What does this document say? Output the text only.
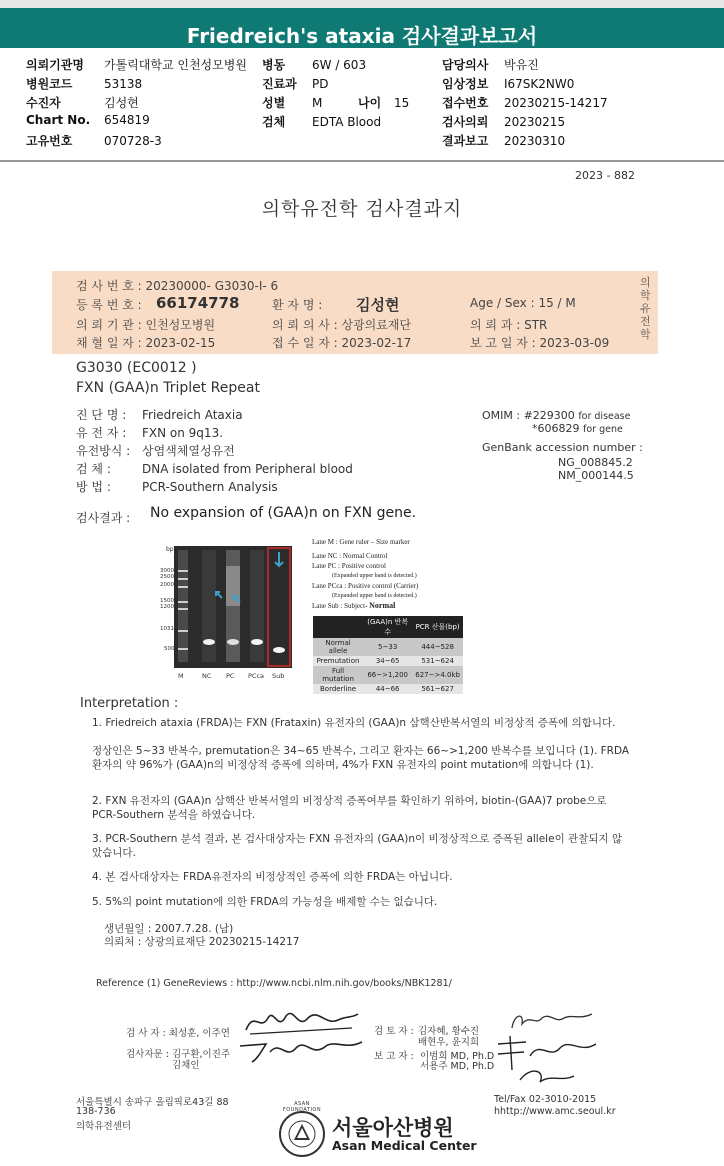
Friedreich's ataxia 검사결과보고서
의뢰기관명 가톨릭대학교 인천성모병원
병원코드	53138
수진자	김성현
Chart No. 654819
고유번호	070728-3
병동 6W / 603
진료과 PD
성별 M	나이 15
검체 EDTA Blood
담당의사 박유진
임상정보 I67SK2NW0
접수번호 20230215-14217
검사의뢰 20230215
결과보고 20230310
2023 - 882
의학유전학 검사결과지
검 사 번 호 : 20230000- G3030-I- 6
등 록 번 호 : 66174778	환 자 명 : 김성현	Age / Sex : 15 / M
의 뢰 기 관 : 인천성모병원	의 뢰 의 사 : 상광의료재단	의 뢰 과 : STR
채 혈 일 자 : 2023-02-15	접 수 일 자 : 2023-02-17	보 고 일 자 : 2023-03-09
의학유전학
G3030 (EC0012 )
FXN (GAA)n Triplet Repeat
진 단 명 : Friedreich Ataxia
유 전 자 : FXN on 9q13.
유전방식 : 상염색체열성유전
검 체 :	DNA isolated from Peripheral blood
방 법 :	PCR-Southern Analysis
OMIM : #229300 for disease
*606829 for gene
GenBank accession number :
NG_008845.2
NM_000144.5
검사결과 : No expansion of (GAA)n on FXN gene.
bp
3000
2500
2000
1500
1200
1031
500
M	NC PC PCca Sub
Lane M : Gene ruler – Size marker
Lane NC : Normal Control
Lane PC : Positive control
(Expanded upper band is detected.)
Lane PCca : Positive control (Carrier)
(Expanded upper band is detected.)
Lane Sub : Subject- Normal
	(GAA)n 반복수	PCR 산물(bp)
Normal allele	5~33	444~528
Premutation	34~65	531~624
Full mutation	66~>1,200	627~>4.0kb
Borderline	44~66	561~627
Interpretation :
1. Friedreich ataxia (FRDA)는 FXN (Frataxin) 유전자의 (GAA)n 삼핵산반복서열의 비정상적 증폭에 의합니다.
정상인은 5~33 반복수, premutation은 34~65 반복수, 그리고 환자는 66~>1,200 반복수를 보입니다 (1). FRDA 환자의 약 96%가 (GAA)n의 비정상적 증폭에 의하며, 4%가 FXN 유전자의 point mutation에 의합니다 (1).
2. FXN 유전자의 (GAA)n 삼핵산 반복서열의 비정상적 증폭여부를 확인하기 위하여, biotin-(GAA)7 probe으로 PCR-Southern 분석을 하였습니다.
3. PCR-Southern 분석 결과, 본 검사대상자는 FXN 유전자의 (GAA)n이 비정상적으로 증폭된 allele이 관찰되지 않았습니다.
4. 본 검사대상자는 FRDA유전자의 비정상적인 증폭에 의한 FRDA는 아닙니다.
5. 5%의 point mutation에 의한 FRDA의 가능성을 배제할 수는 없습니다.
생년월일 : 2007.7.28. (남)
의뢰처 : 상광의료재단 20230215-14217
Reference (1) GeneReviews : http://www.ncbi.nlm.nih.gov/books/NBK1281/
검 사 자 : 최성훈, 이주연
검사자문 : 김구환,이진주
김채인
검 토 자 : 김자혜, 황수진
배현우, 윤지희
보 고 자 : 이범희 MD, Ph.D
서용주 MD, Ph.D
서울특별시 송파구 올림픽로43길 88
138-736
의학유전센터
Tel/Fax 02-3010-2015
hhttp://www.amc.seoul.kr
ASAN FOUNDATION
서울아산병원
Asan Medical Center
